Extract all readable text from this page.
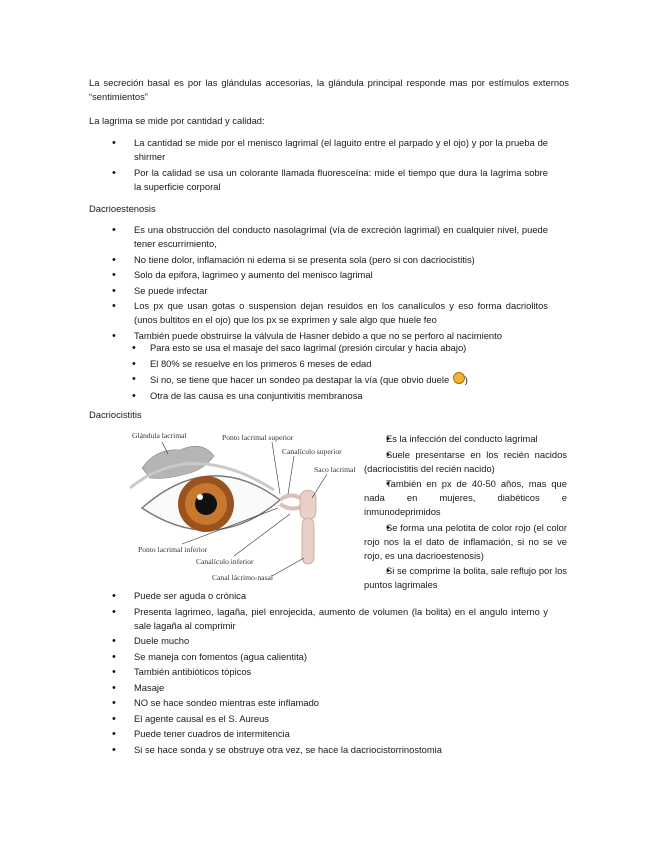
La secreción basal es por las glándulas accesorias, la glándula principal responde mas por estímulos externos “sentimientos”

La lagrima se mide por cantidad y calidad:

• La cantidad se mide por el menisco lagrimal (el laguito entre el parpado y el ojo) y por la prueba de shirmer
• Por la calidad se usa un colorante llamada fluoresceína: mide el tiempo que dura la lagrima sobre la superficie corporal

Dacrioestenosis

• Es una obstrucción del conducto nasolagrimal (vía de excreción lagrimal) en cualquier nivel, puede tener escurrimiento,
• No tiene dolor, inflamación ni edema si se presenta sola (pero si con dacriocistitis)
• Solo da epifora, lagrimeo y aumento del menisco lagrimal
• Se puede infectar
• Los px que usan gotas o suspension dejan resuidos en los canalículos y eso forma dacriolitos (unos bultitos en el ojo) que los px se exprimen y sale algo que huele feo
• También puede obstruirse la válvula de Hasner debido a que no se perforo al nacimiento
• Para esto se usa el masaje del saco lagrimal (presión circular y hacia abajo)
• El 80% se resuelve en los primeros 6 meses de edad
• Si no, se tiene que hacer un sondeo pa destapar la vía (que obvio duele )
• Otra de las causa es una conjuntivitis membranosa

Dacriocistitis

Glándula lacrimal	Ponto lacrimal superior
Canalículo superior
Saco lacrimal
Ponto lacrimal inferior
Canalículo inferior
Canal lácrimo-nasal
• Es la infección del conducto lagrimal
• Suele presentarse en los recién nacidos (dacriocistitis del recién nacido)
• También en px de 40-50 años, mas que nada en mujeres, diabéticos e inmunodeprimidos
• Se forma una pelotita de color rojo (el color rojo nos la el dato de inflamación, si no se ve rojo, es una dacrioestenosis)
• Si se comprime la bolita, sale reflujo por los puntos lagrimales
• Puede ser aguda o crónica
• Presenta lagrimeo, lagaña, piel enrojecida, aumento de volumen (la bolita) en el angulo interno y sale lagaña al comprimir
• Duele mucho
• Se maneja con fomentos (agua calientita)
• También antibióticos tópicos
• Masaje
• NO se hace sondeo mientras este inflamado
• El agente causal es el S. Aureus
• Puede tener cuadros de intermitencia
• Si se hace sonda y se obstruye otra vez, se hace la dacriocistorrinostomia
